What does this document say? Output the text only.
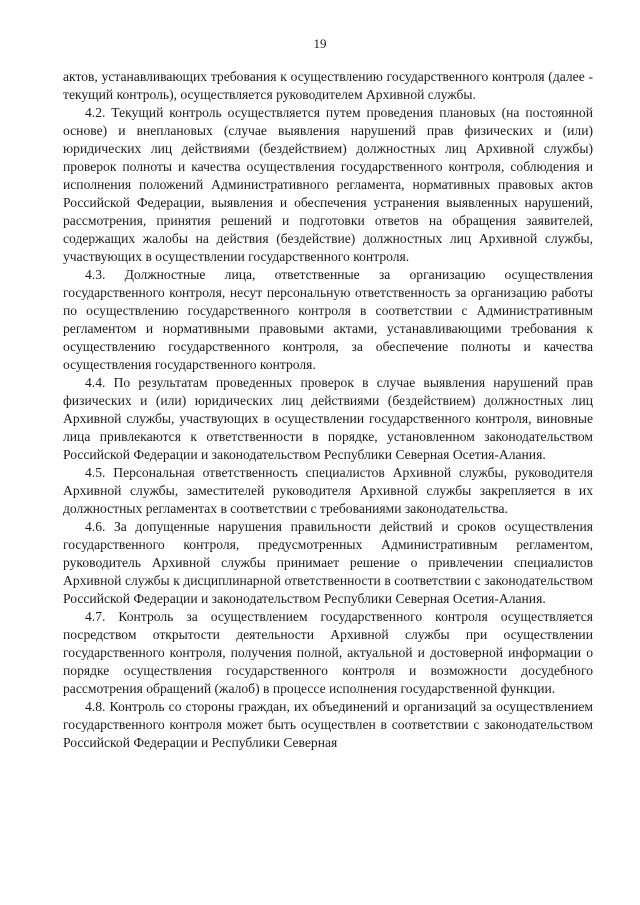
19

актов, устанавливающих требования к осуществлению государственного контроля (далее - текущий контроль), осуществляется руководителем Архивной службы.

4.2. Текущий контроль осуществляется путем проведения плановых (на постоянной основе) и внеплановых (случае выявления нарушений прав физических и (или) юридических лиц действиями (бездействием) должностных лиц Архивной службы) проверок полноты и качества осуществления государственного контроля, соблюдения и исполнения положений Административного регламента, нормативных правовых актов Российской Федерации, выявления и обеспечения устранения выявленных нарушений, рассмотрения, принятия решений и подготовки ответов на обращения заявителей, содержащих жалобы на действия (бездействие) должностных лиц Архивной службы, участвующих в осуществлении государственного контроля.

4.3. Должностные лица, ответственные за организацию осуществления государственного контроля, несут персональную ответственность за организацию работы по осуществлению государственного контроля в соответствии с Административным регламентом и нормативными правовыми актами, устанавливающими требования к осуществлению государственного контроля, за обеспечение полноты и качества осуществления государственного контроля.

4.4. По результатам проведенных проверок в случае выявления нарушений прав физических и (или) юридических лиц действиями (бездействием) должностных лиц Архивной службы, участвующих в осуществлении государственного контроля, виновные лица привлекаются к ответственности в порядке, установленном законодательством Российской Федерации и законодательством Республики Северная Осетия-Алания.

4.5. Персональная ответственность специалистов Архивной службы, руководителя Архивной службы, заместителей руководителя Архивной службы закрепляется в их должностных регламентах в соответствии с требованиями законодательства.

4.6. За допущенные нарушения правильности действий и сроков осуществления государственного контроля, предусмотренных Административным регламентом, руководитель Архивной службы принимает решение о привлечении специалистов Архивной службы к дисциплинарной ответственности в соответствии с законодательством Российской Федерации и законодательством Республики Северная Осетия-Алания.

4.7. Контроль за осуществлением государственного контроля осуществляется посредством открытости деятельности Архивной службы при осуществлении государственного контроля, получения полной, актуальной и достоверной информации о порядке осуществления государственного контроля и возможности досудебного рассмотрения обращений (жалоб) в процессе исполнения государственной функции.

4.8. Контроль со стороны граждан, их объединений и организаций за осуществлением государственного контроля может быть осуществлен в соответствии с законодательством Российской Федерации и Республики Северная
